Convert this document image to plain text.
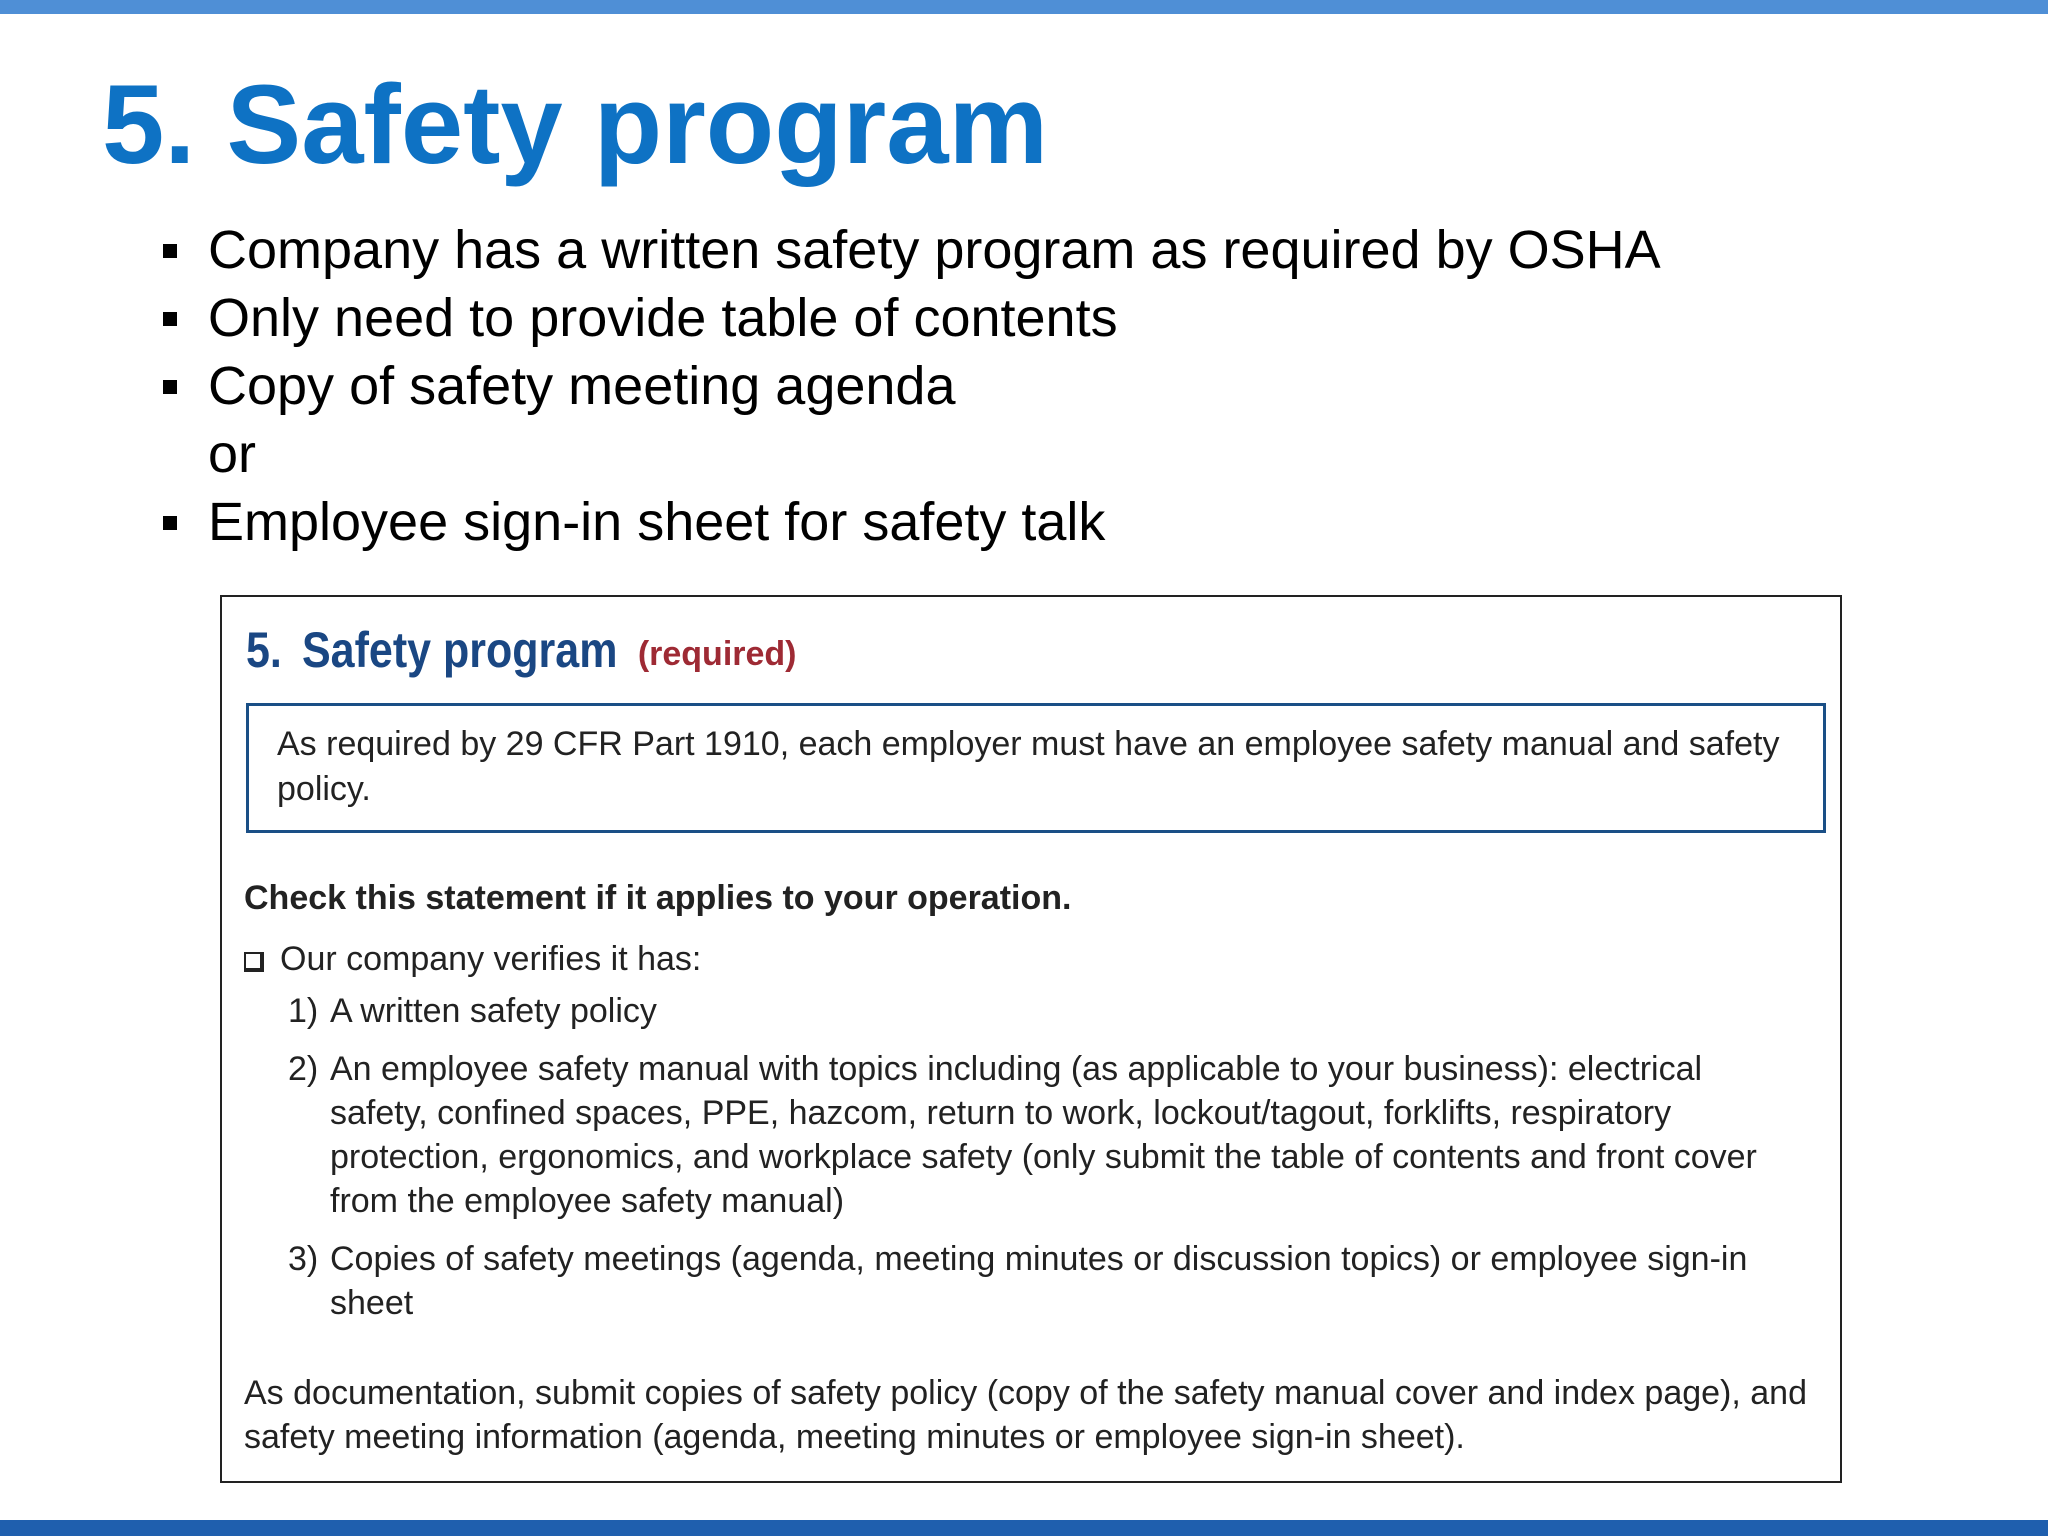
5. Safety program
Company has a written safety program as required by OSHA
Only need to provide table of contents
Copy of safety meeting agenda
or
Employee sign-in sheet for safety talk
5. Safety program (required)
As required by 29 CFR Part 1910, each employer must have an employee safety manual and safety policy.

Check this statement if it applies to your operation.

Our company verifies it has:
1) A written safety policy
2) An employee safety manual with topics including (as applicable to your business): electrical safety, confined spaces, PPE, hazcom, return to work, lockout/tagout, forklifts, respiratory protection, ergonomics, and workplace safety (only submit the table of contents and front cover from the employee safety manual)
3) Copies of safety meetings (agenda, meeting minutes or discussion topics) or employee sign-in sheet

As documentation, submit copies of safety policy (copy of the safety manual cover and index page), and safety meeting information (agenda, meeting minutes or employee sign-in sheet).
